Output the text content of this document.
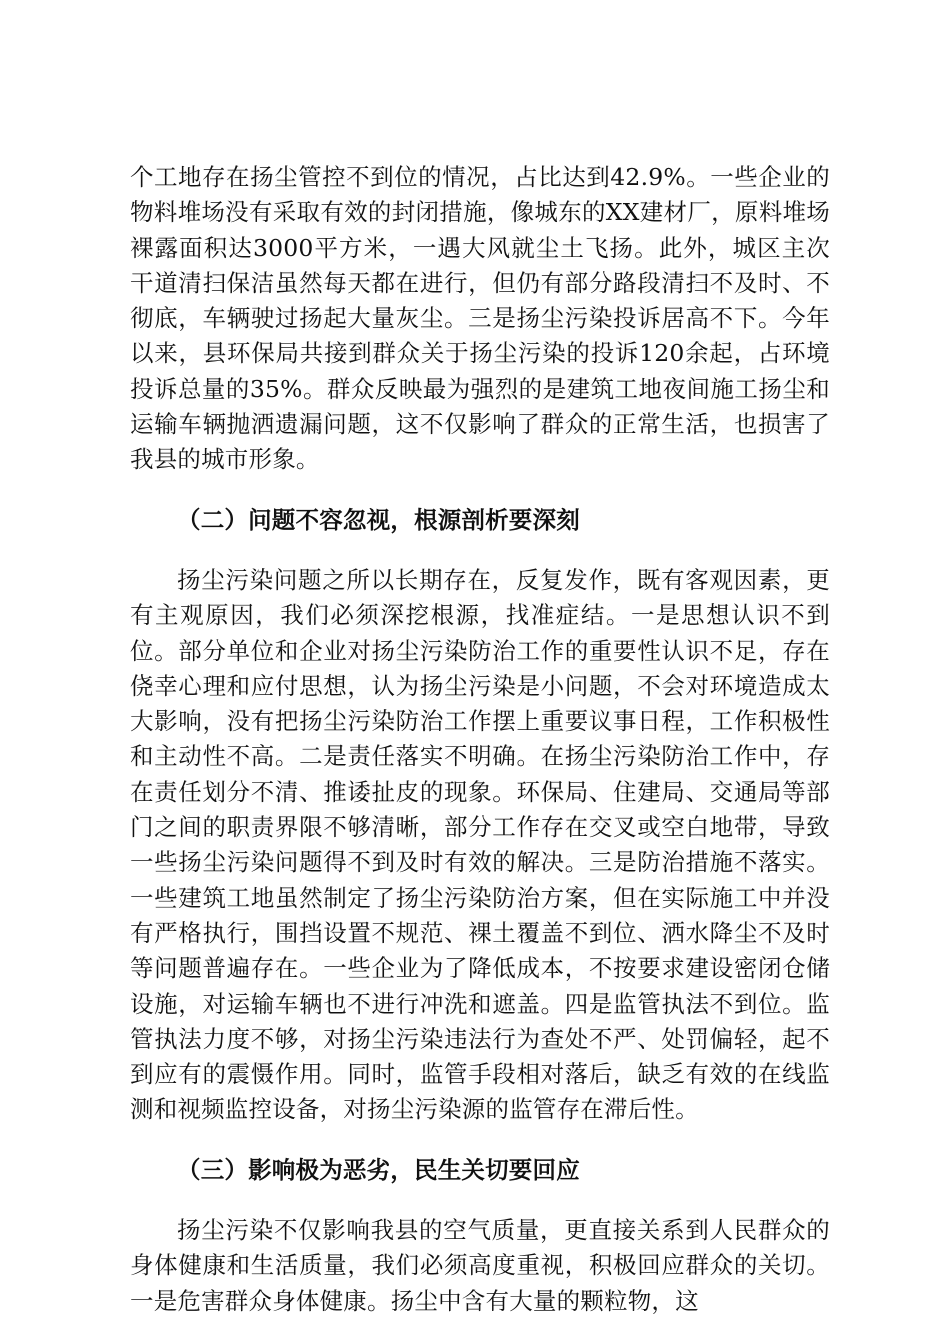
个工地存在扬尘管控不到位的情况，占比达到42.9%。一些企业的物料堆场没有采取有效的封闭措施，像城东的XX建材厂，原料堆场裸露面积达3000平方米，一遇大风就尘土飞扬。此外，城区主次干道清扫保洁虽然每天都在进行，但仍有部分路段清扫不及时、不彻底，车辆驶过扬起大量灰尘。三是扬尘污染投诉居高不下。今年以来，县环保局共接到群众关于扬尘污染的投诉120余起，占环境投诉总量的35%。群众反映最为强烈的是建筑工地夜间施工扬尘和运输车辆抛洒遗漏问题，这不仅影响了群众的正常生活，也损害了我县的城市形象。

（二）问题不容忽视，根源剖析要深刻

扬尘污染问题之所以长期存在，反复发作，既有客观因素，更有主观原因，我们必须深挖根源，找准症结。一是思想认识不到位。部分单位和企业对扬尘污染防治工作的重要性认识不足，存在侥幸心理和应付思想，认为扬尘污染是小问题，不会对环境造成太大影响，没有把扬尘污染防治工作摆上重要议事日程，工作积极性和主动性不高。二是责任落实不明确。在扬尘污染防治工作中，存在责任划分不清、推诿扯皮的现象。环保局、住建局、交通局等部门之间的职责界限不够清晰，部分工作存在交叉或空白地带，导致一些扬尘污染问题得不到及时有效的解决。三是防治措施不落实。一些建筑工地虽然制定了扬尘污染防治方案，但在实际施工中并没有严格执行，围挡设置不规范、裸土覆盖不到位、洒水降尘不及时等问题普遍存在。一些企业为了降低成本，不按要求建设密闭仓储设施，对运输车辆也不进行冲洗和遮盖。四是监管执法不到位。监管执法力度不够，对扬尘污染违法行为查处不严、处罚偏轻，起不到应有的震慑作用。同时，监管手段相对落后，缺乏有效的在线监测和视频监控设备，对扬尘污染源的监管存在滞后性。

（三）影响极为恶劣，民生关切要回应

扬尘污染不仅影响我县的空气质量，更直接关系到人民群众的身体健康和生活质量，我们必须高度重视，积极回应群众的关切。一是危害群众身体健康。扬尘中含有大量的颗粒物，这
